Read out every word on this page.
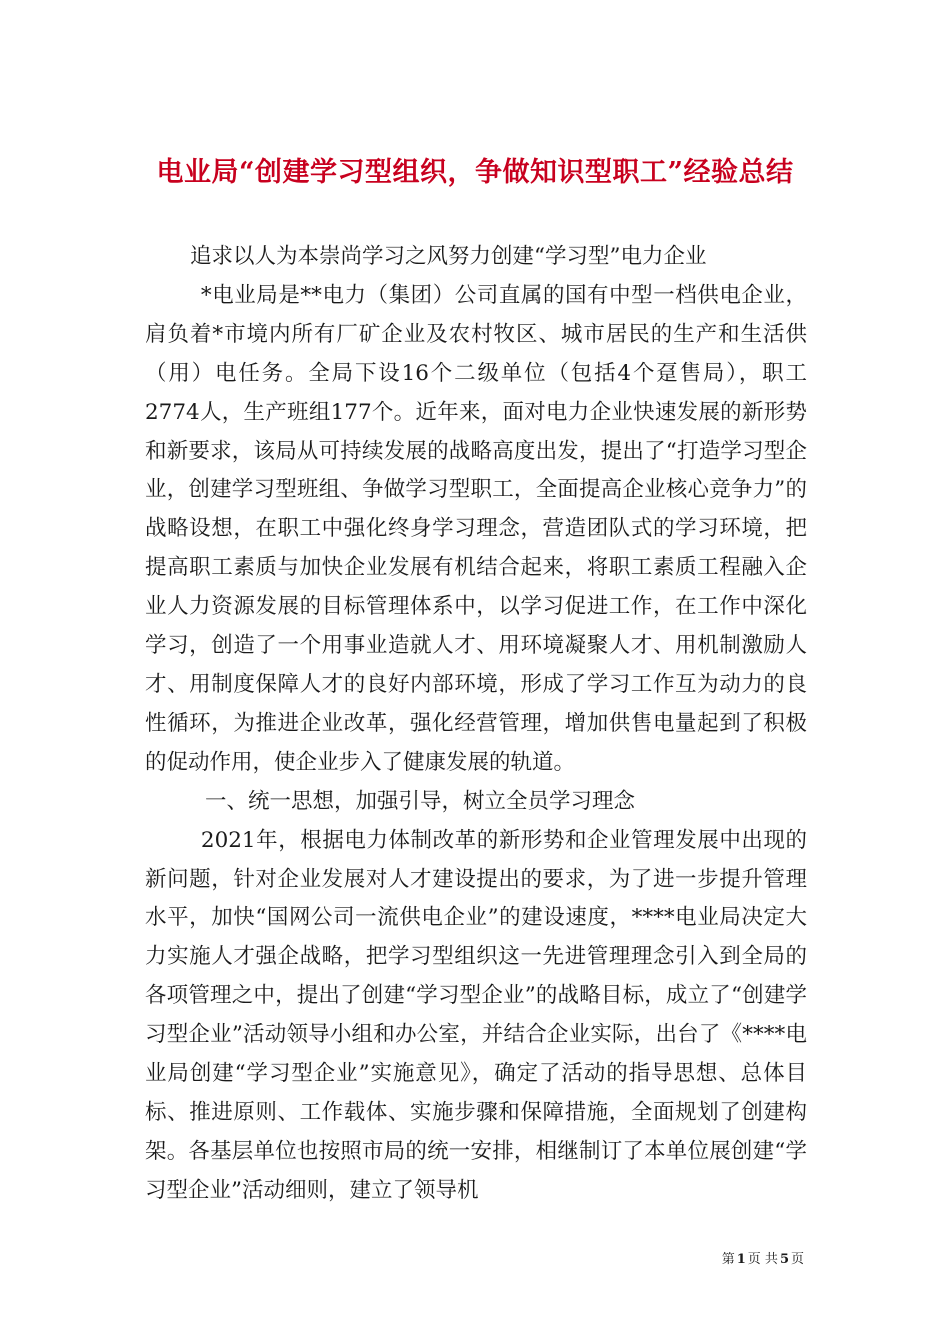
电业局“创建学习型组织，争做知识型职工”经验总结

追求以人为本崇尚学习之风努力创建“学习型”电力企业

*电业局是**电力（集团）公司直属的国有中型一档供电企业，肩负着*市境内所有厂矿企业及农村牧区、城市居民的生产和生活供（用）电任务。全局下设16个二级单位（包括4个趸售局），职工2774人，生产班组177个。近年来，面对电力企业快速发展的新形势和新要求，该局从可持续发展的战略高度出发，提出了“打造学习型企业，创建学习型班组、争做学习型职工，全面提高企业核心竞争力”的战略设想，在职工中强化终身学习理念，营造团队式的学习环境，把提高职工素质与加快企业发展有机结合起来，将职工素质工程融入企业人力资源发展的目标管理体系中，以学习促进工作，在工作中深化学习，创造了一个用事业造就人才、用环境凝聚人才、用机制激励人才、用制度保障人才的良好内部环境，形成了学习工作互为动力的良性循环，为推进企业改革，强化经营管理，增加供售电量起到了积极的促动作用，使企业步入了健康发展的轨道。

一、统一思想，加强引导，树立全员学习理念

2021年，根据电力体制改革的新形势和企业管理发展中出现的新问题，针对企业发展对人才建设提出的要求，为了进一步提升管理水平，加快“国网公司一流供电企业”的建设速度，****电业局决定大力实施人才强企战略，把学习型组织这一先进管理理念引入到全局的各项管理之中，提出了创建“学习型企业”的战略目标，成立了“创建学习型企业”活动领导小组和办公室，并结合企业实际，出台了《****电业局创建“学习型企业”实施意见》，确定了活动的指导思想、总体目标、推进原则、工作载体、实施步骤和保障措施，全面规划了创建构架。各基层单位也按照市局的统一安排，相继制订了本单位展创建“学习型企业”活动细则，建立了领导机

第 1 页 共 5 页
